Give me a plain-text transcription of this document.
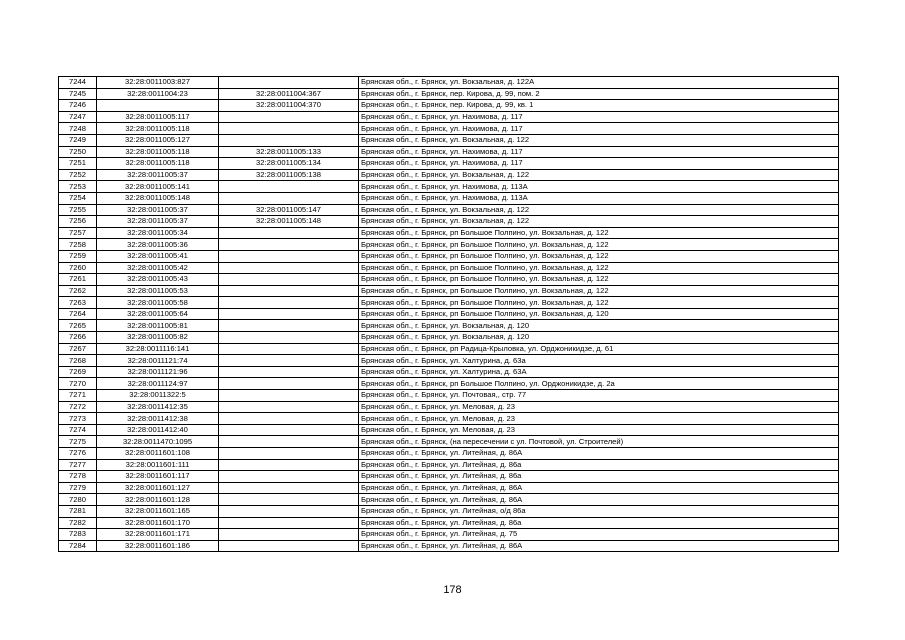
7244	32:28:0011003:827		Брянская обл., г. Брянск, ул. Вокзальная, д. 122А
7245	32:28:0011004:23	32:28:0011004:367	Брянская обл., г. Брянск, пер. Кирова, д. 99, пом. 2
7246		32:28:0011004:370	Брянская обл., г. Брянск, пер. Кирова, д. 99, кв. 1
7247	32:28:0011005:117		Брянская обл., г. Брянск, ул. Нахимова, д. 117
7248	32:28:0011005:118		Брянская обл., г. Брянск, ул. Нахимова, д. 117
7249	32:28:0011005:127		Брянская обл., г. Брянск, ул. Вокзальная, д. 122
7250	32:28:0011005:118	32:28:0011005:133	Брянская обл., г. Брянск, ул. Нахимова, д. 117
7251	32:28:0011005:118	32:28:0011005:134	Брянская обл., г. Брянск, ул. Нахимова, д. 117
7252	32:28:0011005:37	32:28:0011005:138	Брянская обл., г. Брянск, ул. Вокзальная, д. 122
7253	32:28:0011005:141		Брянская обл., г. Брянск, ул. Нахимова, д. 113А
7254	32:28:0011005:148		Брянская обл., г. Брянск, ул. Нахимова, д. 113А
7255	32:28:0011005:37	32:28:0011005:147	Брянская обл., г. Брянск, ул. Вокзальная, д. 122
7256	32:28:0011005:37	32:28:0011005:148	Брянская обл., г. Брянск, ул. Вокзальная, д. 122
7257	32:28:0011005:34		Брянская обл., г. Брянск, рп Большое Полпино, ул. Вокзальная, д. 122
7258	32:28:0011005:36		Брянская обл., г. Брянск, рп Большое Полпино, ул. Вокзальная, д. 122
7259	32:28:0011005:41		Брянская обл., г. Брянск, рп Большое Полпино, ул. Вокзальная, д. 122
7260	32:28:0011005:42		Брянская обл., г. Брянск, рп Большое Полпино, ул. Вокзальная, д. 122
7261	32:28:0011005:43		Брянская обл., г. Брянск, рп Большое Полпино, ул. Вокзальная, д. 122
7262	32:28:0011005:53		Брянская обл., г. Брянск, рп Большое Полпино, ул. Вокзальная, д. 122
7263	32:28:0011005:58		Брянская обл., г. Брянск, рп Большое Полпино, ул. Вокзальная, д. 122
7264	32:28:0011005:64		Брянская обл., г. Брянск, рп Большое Полпино, ул. Вокзальная, д. 120
7265	32:28:0011005:81		Брянская обл., г. Брянск, ул. Вокзальная, д. 120
7266	32:28:0011005:82		Брянская обл., г. Брянск, ул. Вокзальная, д. 120
7267	32:28:0011116:141		Брянская обл., г. Брянск, рп Радица-Крыловка, ул. Орджоникидзе, д. 61
7268	32:28:0011121:74		Брянская обл., г. Брянск, ул. Халтурина, д. 63а
7269	32:28:0011121:96		Брянская обл., г. Брянск, ул. Халтурина, д. 63А
7270	32:28:0011124:97		Брянская обл., г. Брянск, рп Большое Полпино, ул. Орджоникидзе, д. 2а
7271	32:28:0011322:5		Брянская обл., г. Брянск, ул. Почтовая,, стр. 77
7272	32:28:0011412:35		Брянская обл., г. Брянск, ул. Меловая, д. 23
7273	32:28:0011412:38		Брянская обл., г. Брянск, ул. Меловая, д. 23
7274	32:28:0011412:40		Брянская обл., г. Брянск, ул. Меловая, д. 23
7275	32:28:0011470:1095		Брянская обл., г. Брянск, (на пересечении с ул. Почтовой, ул. Строителей)
7276	32:28:0011601:108		Брянская обл., г. Брянск, ул. Литейная, д. 86А
7277	32:28:0011601:111		Брянская обл., г. Брянск, ул. Литейная, д. 86а
7278	32:28:0011601:117		Брянская обл., г. Брянск, ул. Литейная, д. 86а
7279	32:28:0011601:127		Брянская обл., г. Брянск, ул. Литейная, д. 86А
7280	32:28:0011601:128		Брянская обл., г. Брянск, ул. Литейная, д. 86А
7281	32:28:0011601:165		Брянская обл., г. Брянск, ул. Литейная, о/д 86а
7282	32:28:0011601:170		Брянская обл., г. Брянск, ул. Литейная, д. 86а
7283	32:28:0011601:171		Брянская обл., г. Брянск, ул. Литейная, д. 75
7284	32:28:0011601:186		Брянская обл., г. Брянск, ул. Литейная, д. 86А
178
